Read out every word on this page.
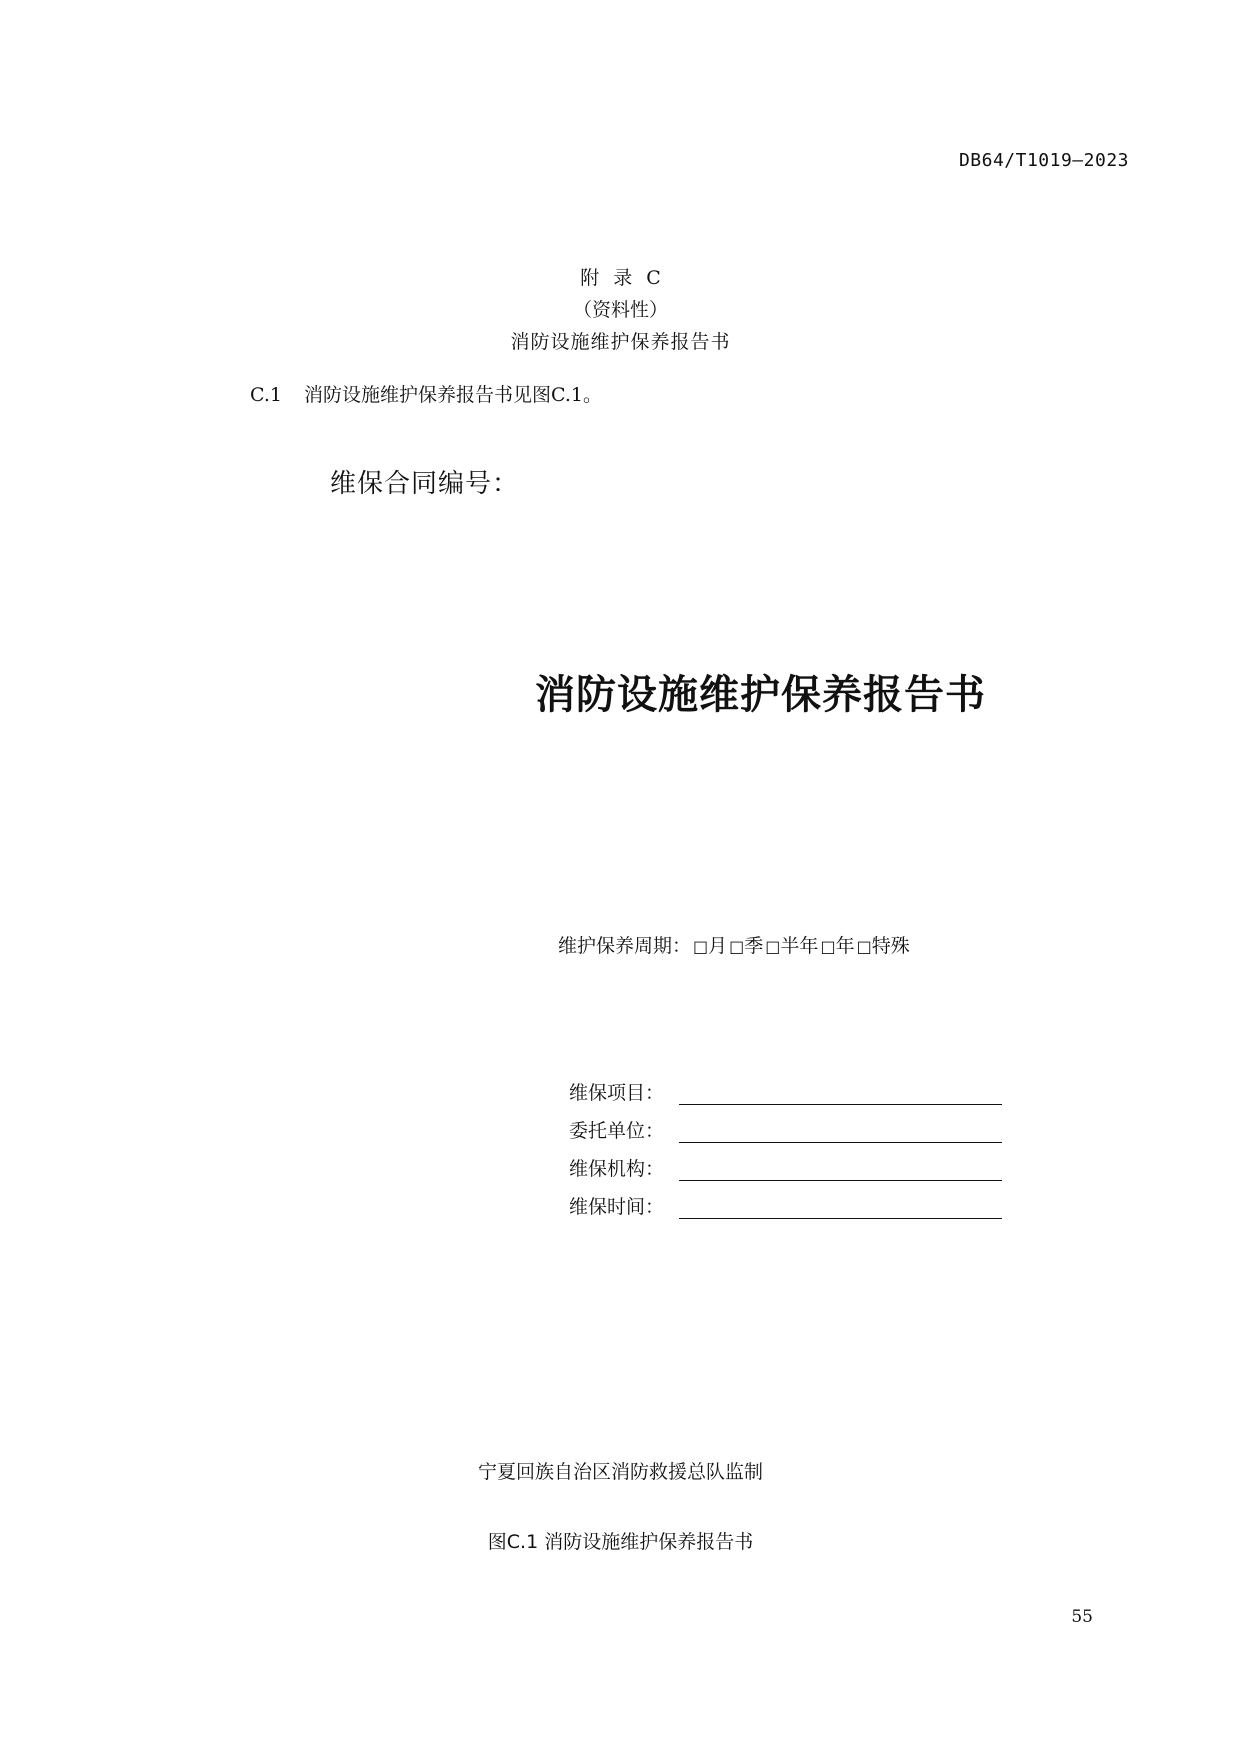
DB64/T1019—2023
附录C
（资料性）
消防设施维护保养报告书
C.1 消防设施维护保养报告书见图C.1。
维保合同编号：
消防设施维护保养报告书
维护保养周期： □月 □季 □半年 □年 □特殊
维保项目：
委托单位：
维保机构：
维保时间：
宁夏回族自治区消防救援总队监制
图C.1 消防设施维护保养报告书
55
